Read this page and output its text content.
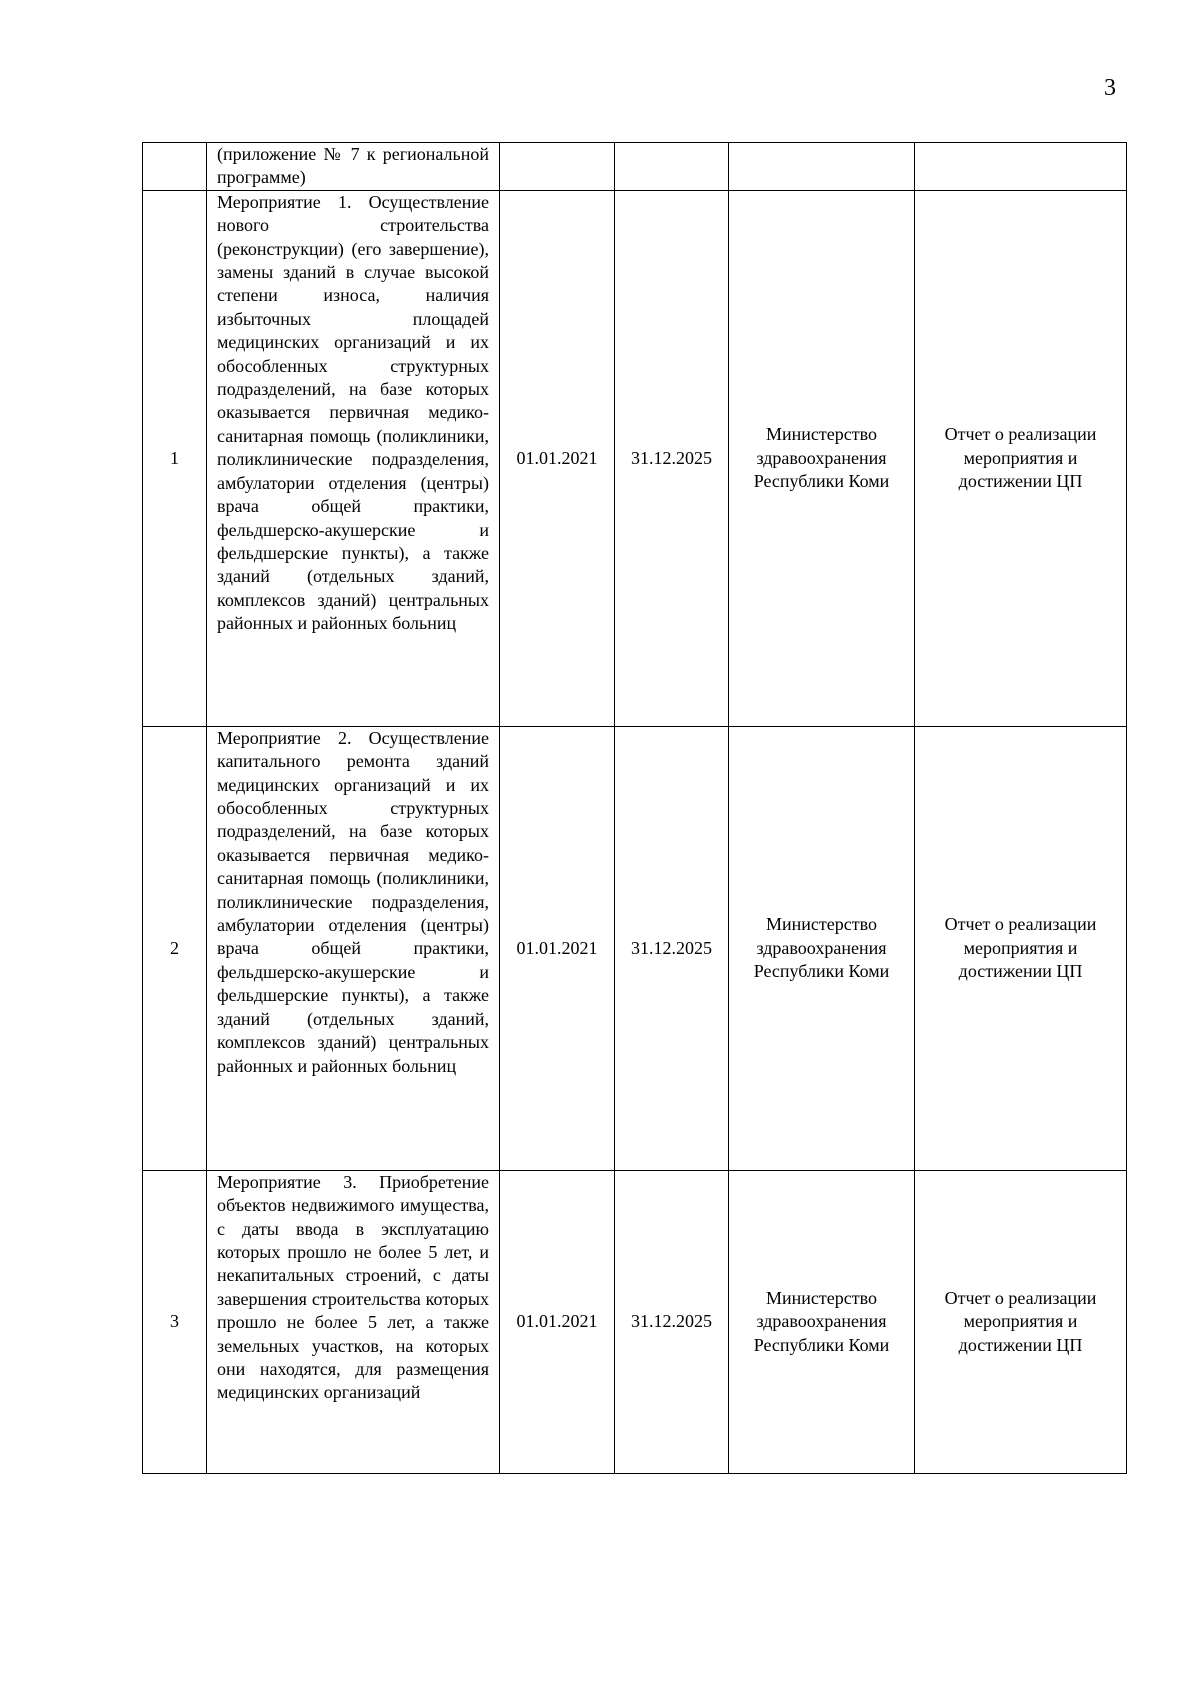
3
	(приложение № 7 к региональной программе)				
1	Мероприятие 1. Осуществление нового строительства (реконструкции) (его завершение), замены зданий в случае высокой степени износа, наличия избыточных площадей медицинских организаций и их обособленных структурных подразделений, на базе которых оказывается первичная медико-санитарная помощь (поликлиники, поликлинические подразделения, амбулатории отделения (центры) врача общей практики, фельдшерско-акушерские и фельдшерские пункты), а также зданий (отдельных зданий, комплексов зданий) центральных районных и районных больниц	01.01.2021	31.12.2025	Министерство здравоохранения Республики Коми	Отчет о реализации мероприятия и достижении ЦП
2	Мероприятие 2. Осуществление капитального ремонта зданий медицинских организаций и их обособленных структурных подразделений, на базе которых оказывается первичная медико-санитарная помощь (поликлиники, поликлинические подразделения, амбулатории отделения (центры) врача общей практики, фельдшерско-акушерские и фельдшерские пункты), а также зданий (отдельных зданий, комплексов зданий) центральных районных и районных больниц	01.01.2021	31.12.2025	Министерство здравоохранения Республики Коми	Отчет о реализации мероприятия и достижении ЦП
3	Мероприятие 3. Приобретение объектов недвижимого имущества, с даты ввода в эксплуатацию которых прошло не более 5 лет, и некапитальных строений, с даты завершения строительства которых прошло не более 5 лет, а также земельных участков, на которых они находятся, для размещения медицинских организаций	01.01.2021	31.12.2025	Министерство здравоохранения Республики Коми	Отчет о реализации мероприятия и достижении ЦП
